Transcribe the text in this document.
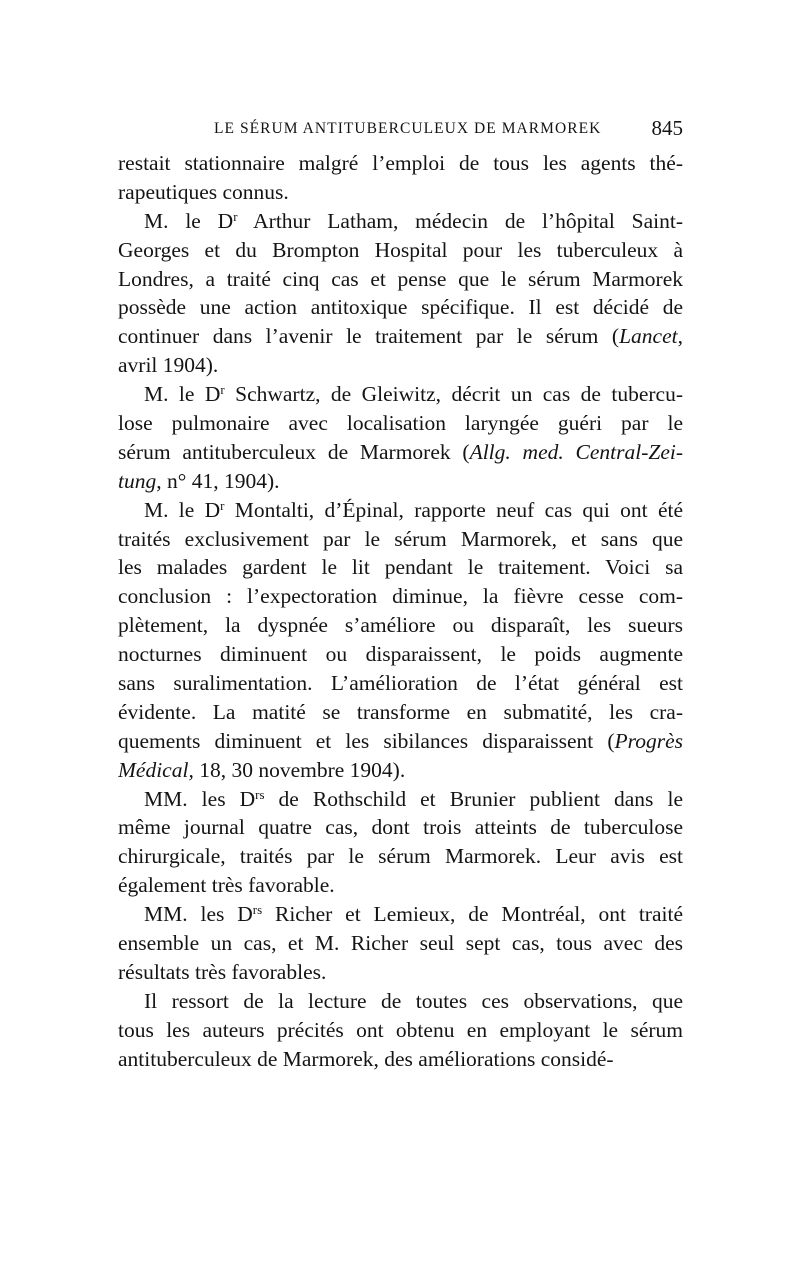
LE SÉRUM ANTITUBERCULEUX DE MARMOREK 845
restait stationnaire malgré l’emploi de tous les agents thé-
rapeutiques connus.
M. le $D^r$ Arthur Latham, médecin de l’hôpital Saint-
Georges et du Brompton Hospital pour les tuberculeux à
Londres, a traité cinq cas et pense que le sérum Marmorek
possède une action antitoxique spécifique. Il est décidé de
continuer dans l’avenir le traitement par le sérum (Lancet,
avril 1904).
M. le $D^r$ Schwartz, de Gleiwitz, décrit un cas de tubercu-
lose pulmonaire avec localisation laryngée guéri par le
sérum antituberculeux de Marmorek (Allg. med. Central-Zei-
tung, n° 41, 1904).
M. le $D^r$ Montalti, d’Épinal, rapporte neuf cas qui ont été
traités exclusivement par le sérum Marmorek, et sans que
les malades gardent le lit pendant le traitement. Voici sa
conclusion : l’expectoration diminue, la fièvre cesse com-
plètement, la dyspnée s’améliore ou disparaît, les sueurs
nocturnes diminuent ou disparaissent, le poids augmente
sans suralimentation. L’amélioration de l’état général est
évidente. La matité se transforme en submatité, les cra-
quements diminuent et les sibilances disparaissent (Progrès
Médical, 18, 30 novembre 1904).
MM. les $D^{rs}$ de Rothschild et Brunier publient dans le
même journal quatre cas, dont trois atteints de tuberculose
chirurgicale, traités par le sérum Marmorek. Leur avis est
également très favorable.
MM. les $D^{rs}$ Richer et Lemieux, de Montréal, ont traité
ensemble un cas, et M. Richer seul sept cas, tous avec des
résultats très favorables.
Il ressort de la lecture de toutes ces observations, que
tous les auteurs précités ont obtenu en employant le sérum
antituberculeux de Marmorek, des améliorations considé-
